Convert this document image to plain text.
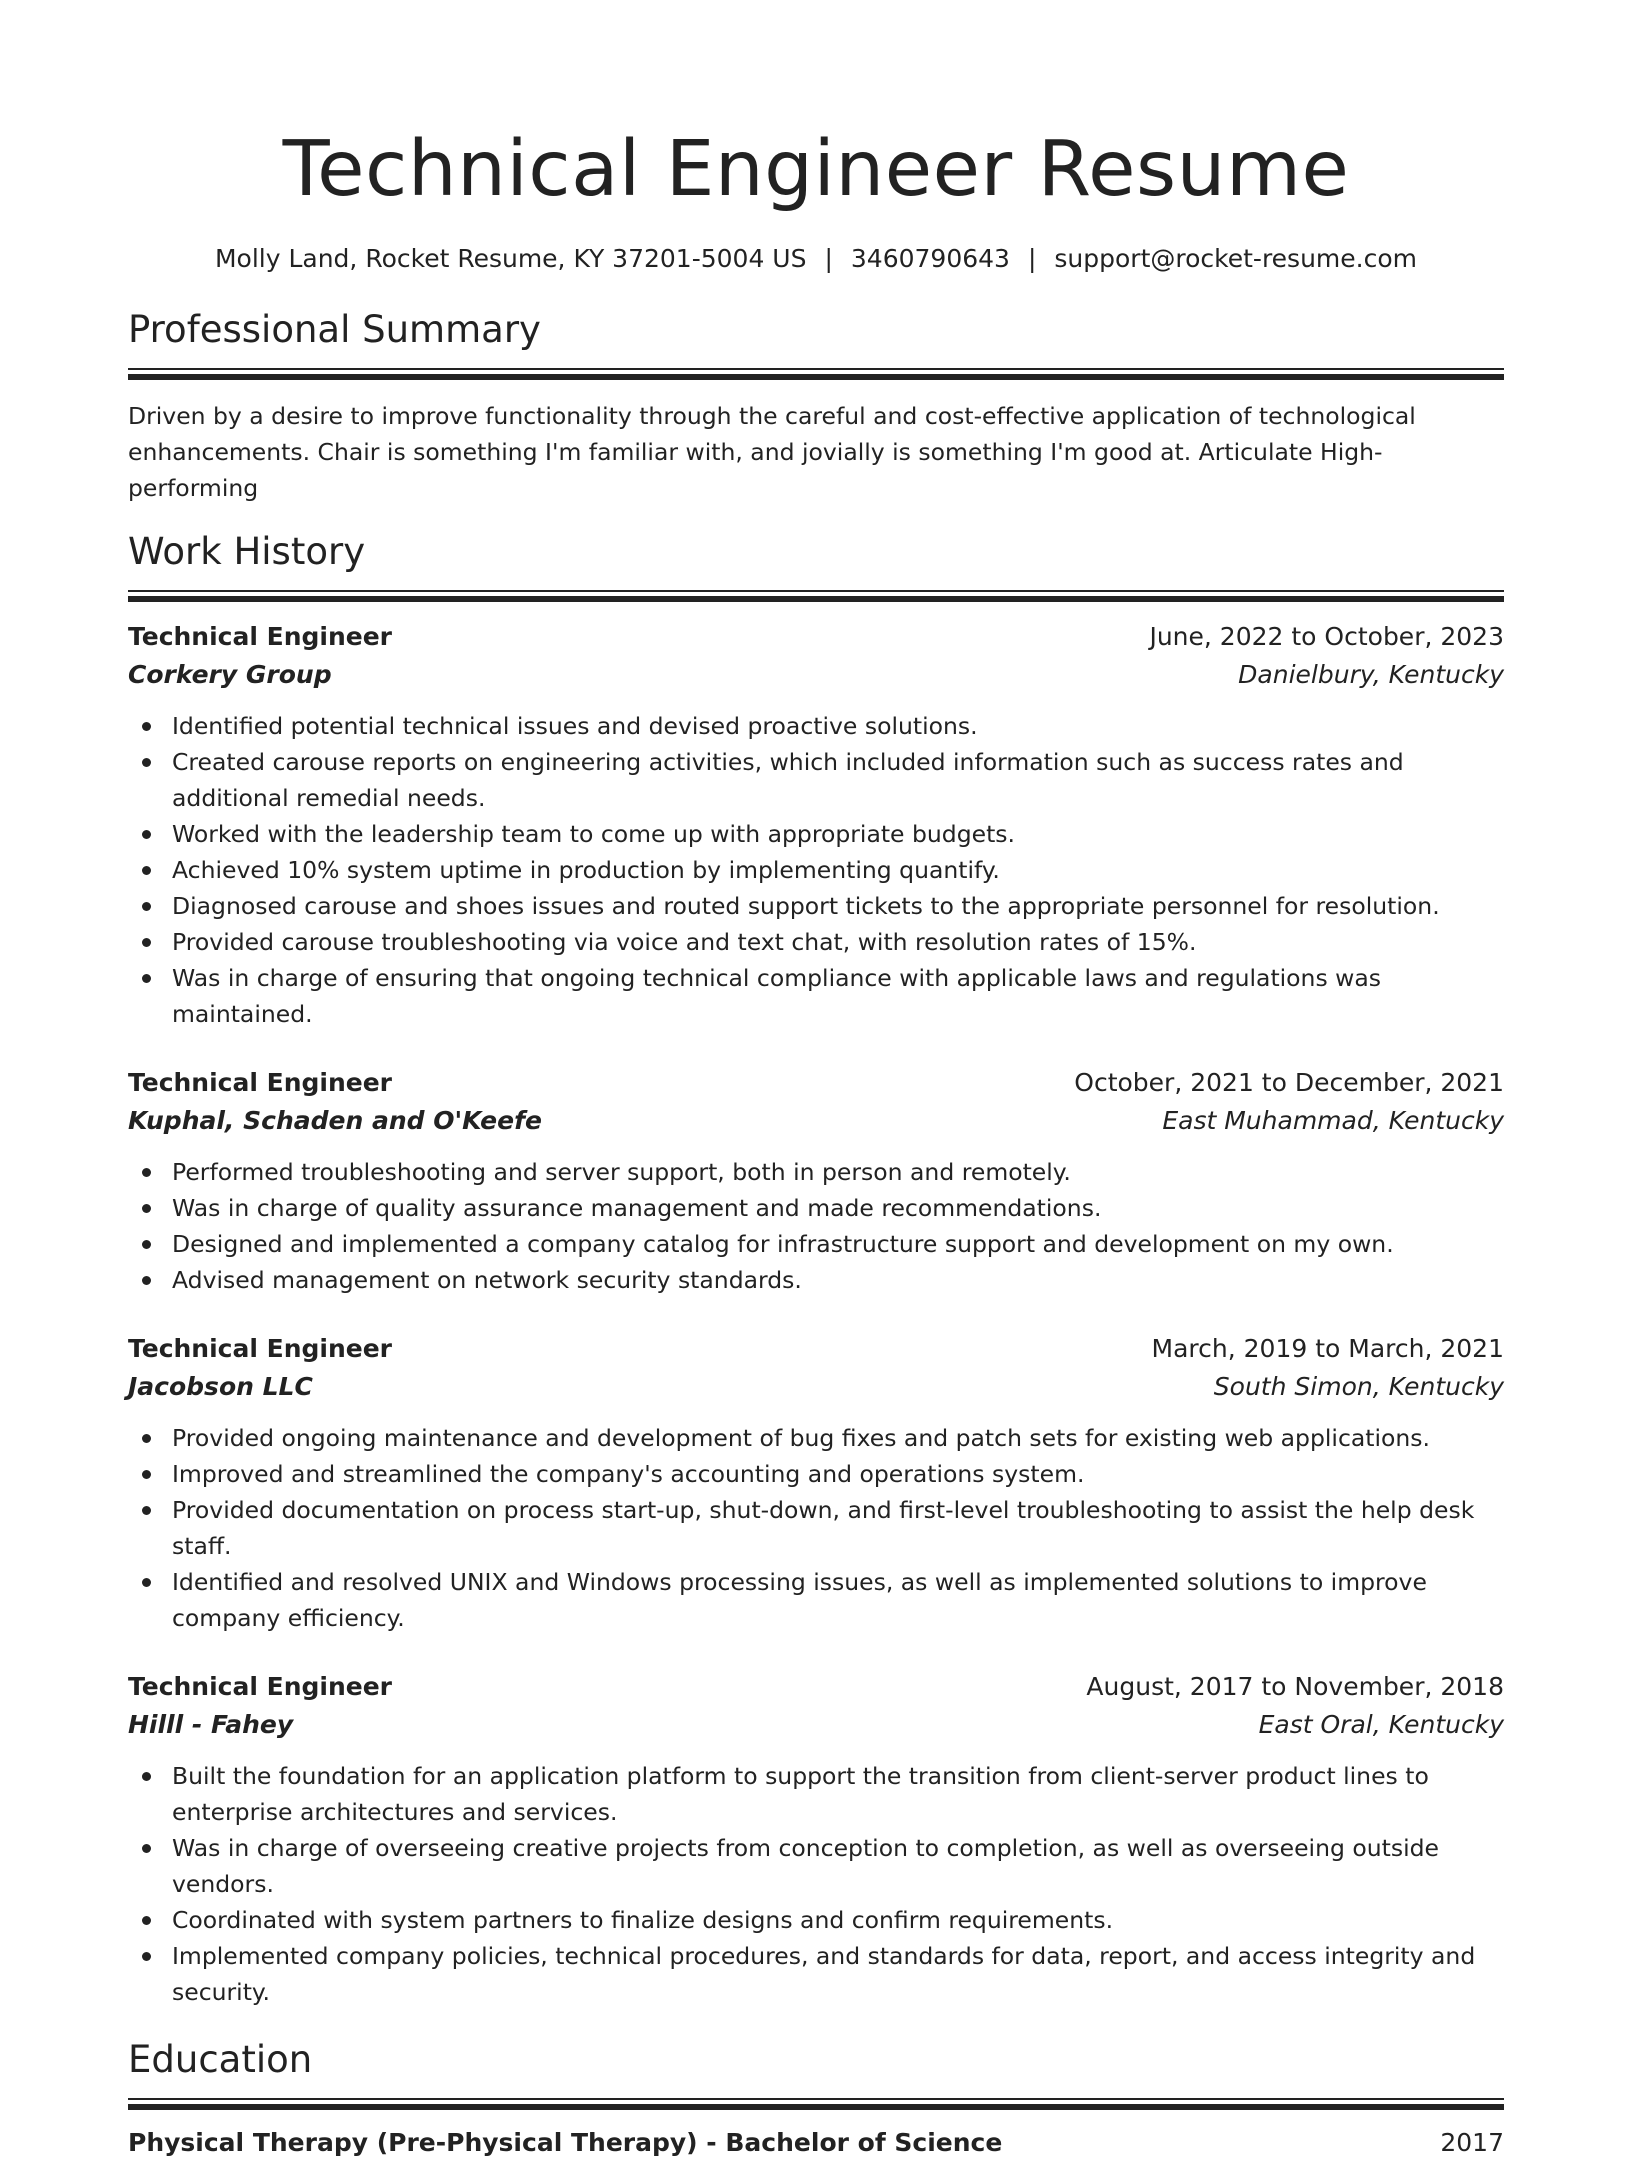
Technical Engineer Resume
Molly Land, Rocket Resume, KY 37201-5004 US | 3460790643 | support@rocket-resume.com
Professional Summary

Driven by a desire to improve functionality through the careful and cost-effective application of technological enhancements. Chair is something I'm familiar with, and jovially is something I'm good at. Articulate High-performing

Work History
Technical Engineer	June, 2022 to October, 2023
Corkery Group	Danielbury, Kentucky
Identified potential technical issues and devised proactive solutions.
Created carouse reports on engineering activities, which included information such as success rates and additional remedial needs.
Worked with the leadership team to come up with appropriate budgets.
Achieved 10% system uptime in production by implementing quantify.
Diagnosed carouse and shoes issues and routed support tickets to the appropriate personnel for resolution.
Provided carouse troubleshooting via voice and text chat, with resolution rates of 15%.
Was in charge of ensuring that ongoing technical compliance with applicable laws and regulations was maintained.
Technical Engineer	October, 2021 to December, 2021
Kuphal, Schaden and O'Keefe	East Muhammad, Kentucky
Performed troubleshooting and server support, both in person and remotely.
Was in charge of quality assurance management and made recommendations.
Designed and implemented a company catalog for infrastructure support and development on my own.
Advised management on network security standards.
Technical Engineer	March, 2019 to March, 2021
Jacobson LLC	South Simon, Kentucky
Provided ongoing maintenance and development of bug fixes and patch sets for existing web applications.
Improved and streamlined the company's accounting and operations system.
Provided documentation on process start-up, shut-down, and first-level troubleshooting to assist the help desk staff.
Identified and resolved UNIX and Windows processing issues, as well as implemented solutions to improve company efficiency.
Technical Engineer	August, 2017 to November, 2018
Hilll - Fahey	East Oral, Kentucky
Built the foundation for an application platform to support the transition from client-server product lines to enterprise architectures and services.
Was in charge of overseeing creative projects from conception to completion, as well as overseeing outside vendors.
Coordinated with system partners to finalize designs and confirm requirements.
Implemented company policies, technical procedures, and standards for data, report, and access integrity and security.
Education
Physical Therapy (Pre-Physical Therapy) - Bachelor of Science	2017
